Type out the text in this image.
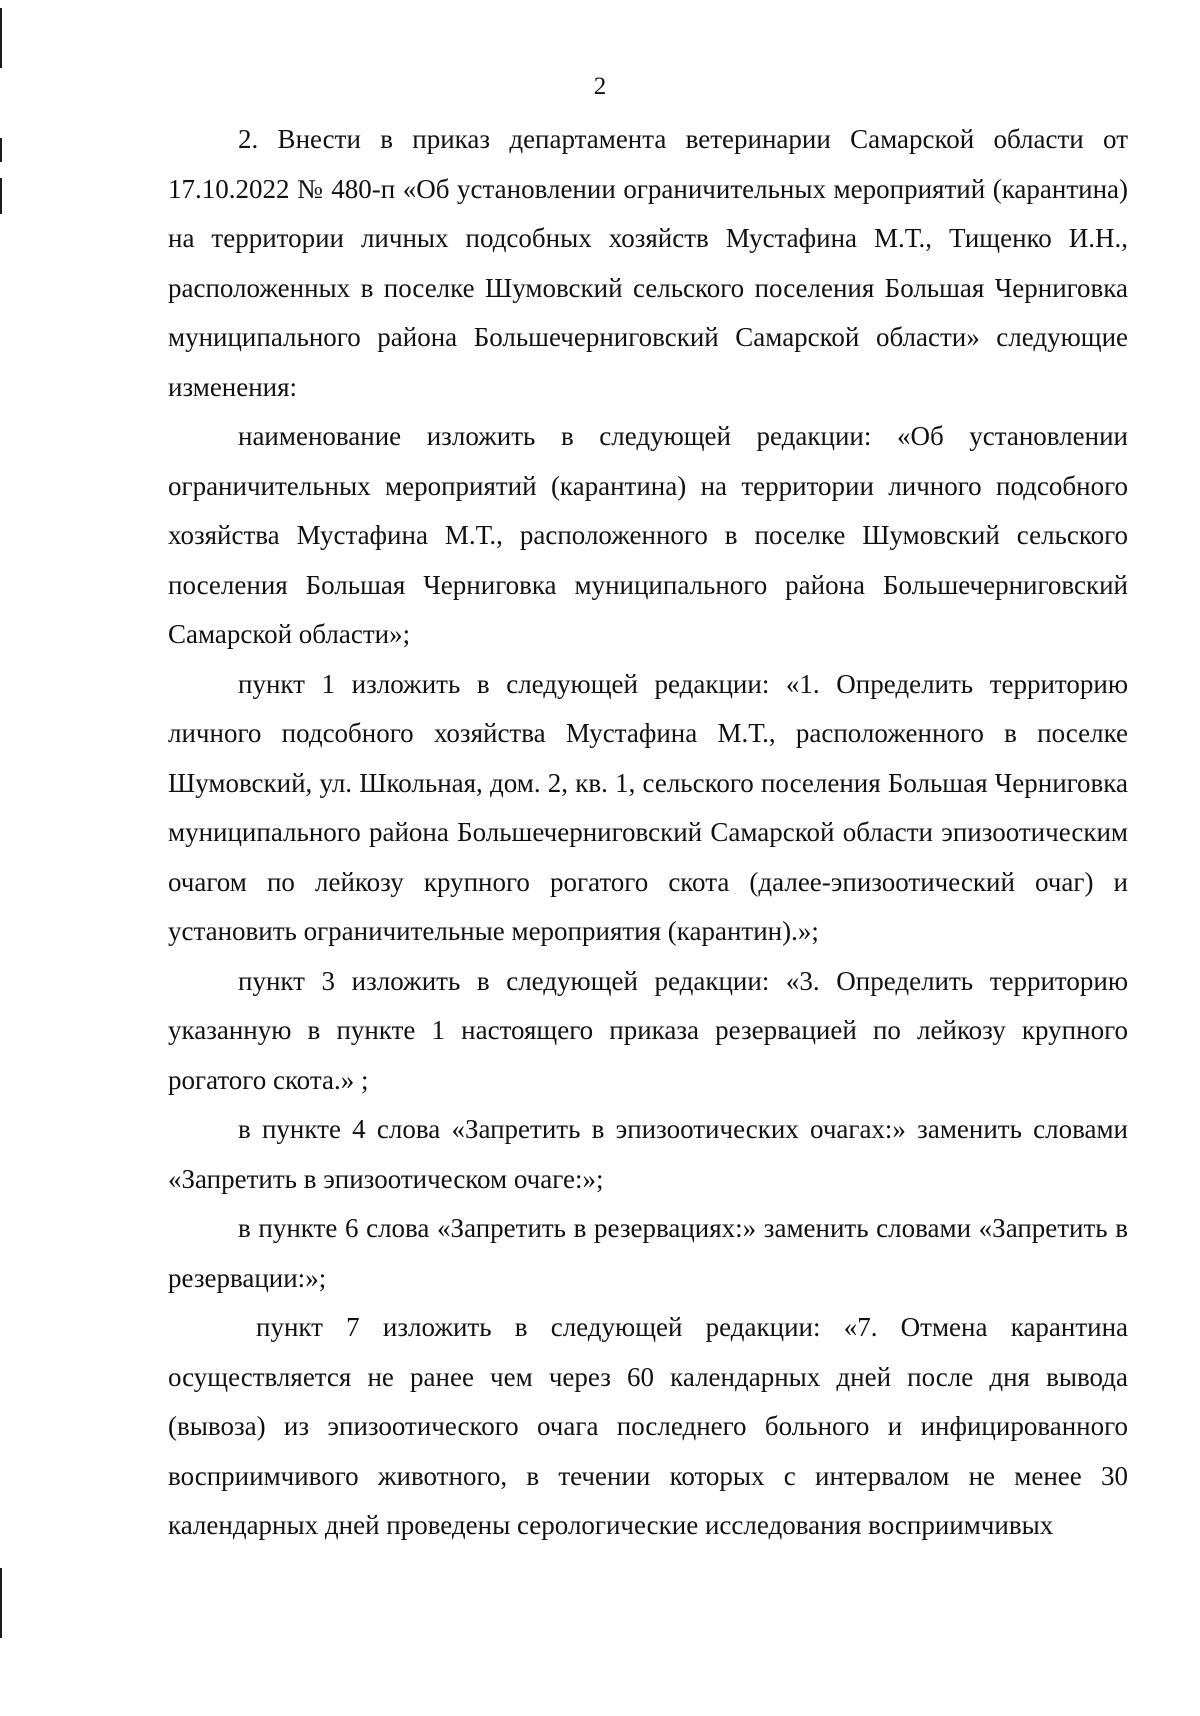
2

2. Внести в приказ департамента ветеринарии Самарской области от 17.10.2022 № 480-п «Об установлении ограничительных мероприятий (карантина) на территории личных подсобных хозяйств Мустафина М.Т., Тищенко И.Н., расположенных в поселке Шумовский сельского поселения Большая Черниговка муниципального района Большечерниговский Самарской области» следующие изменения:

наименование изложить в следующей редакции: «Об установлении ограничительных мероприятий (карантина) на территории личного подсобного хозяйства Мустафина М.Т., расположенного в поселке Шумовский сельского поселения Большая Черниговка муниципального района Большечерниговский Самарской области»;

пункт 1 изложить в следующей редакции: «1. Определить территорию личного подсобного хозяйства Мустафина М.Т., расположенного в поселке Шумовский, ул. Школьная, дом. 2, кв. 1, сельского поселения Большая Черниговка муниципального района Большечерниговский Самарской области эпизоотическим очагом по лейкозу крупного рогатого скота (далее-эпизоотический очаг) и установить ограничительные мероприятия (карантин).»;

пункт 3 изложить в следующей редакции: «3. Определить территорию указанную в пункте 1 настоящего приказа резервацией по лейкозу крупного рогатого скота.» ;

в пункте 4 слова «Запретить в эпизоотических очагах:» заменить словами «Запретить в эпизоотическом очаге:»;

в пункте 6 слова «Запретить в резервациях:» заменить словами «Запретить в резервации:»;

пункт 7 изложить в следующей редакции: «7. Отмена карантина осуществляется не ранее чем через 60 календарных дней после дня вывода (вывоза) из эпизоотического очага последнего больного и инфицированного восприимчивого животного, в течении которых с интервалом не менее 30 календарных дней проведены серологические исследования восприимчивых
